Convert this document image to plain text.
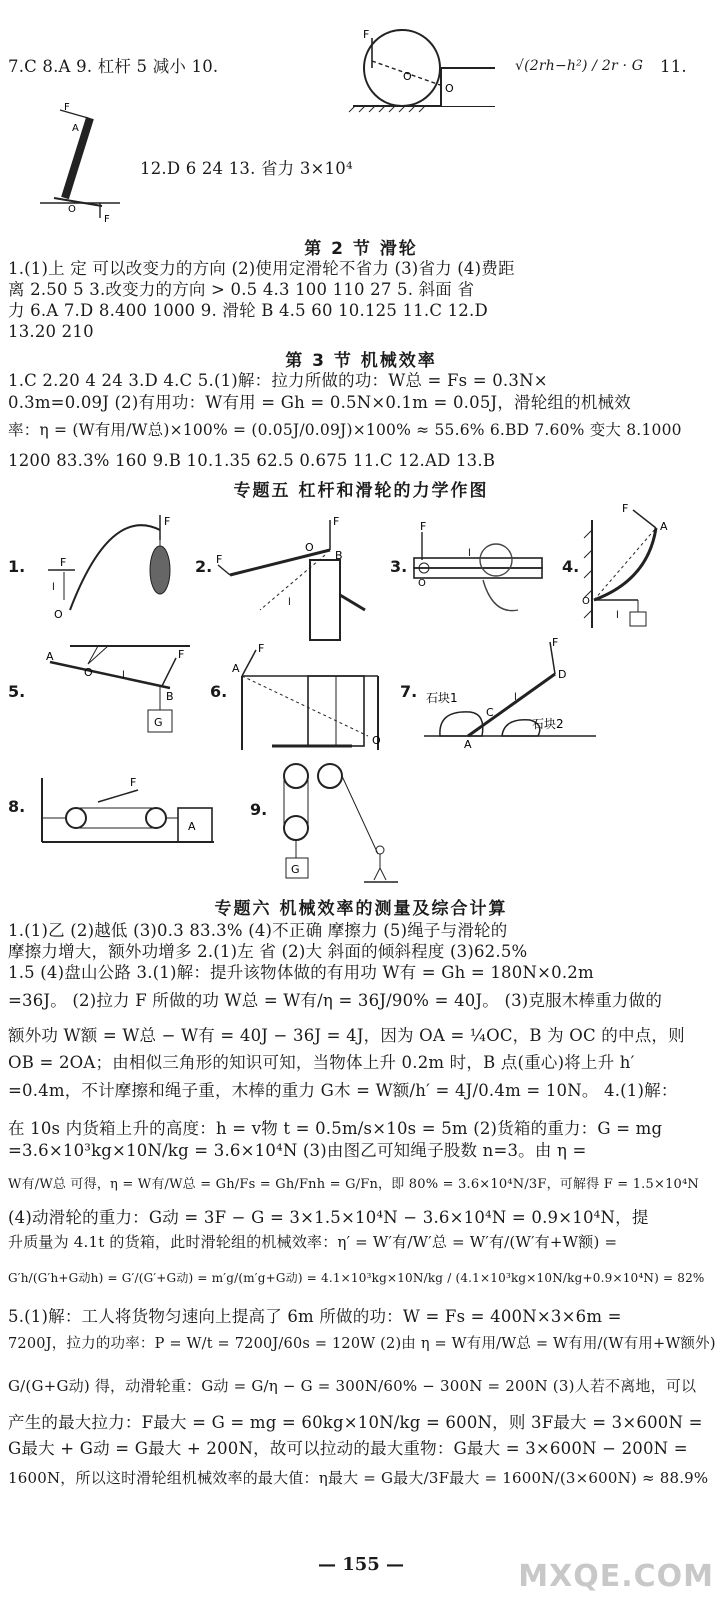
7.C 8.A 9. 杠杆 5 减小 10.	√(2rh−h²) / 2r · G 11.
F
O
O
F
A
O
F
12.D 6 24 13. 省力 3×10⁴
第 2 节 滑轮
1.(1)上 定 可以改变力的方向 (2)使用定滑轮不省力 (3)省力 (4)费距
离 2.50 5 3.改变力的方向 > 0.5 4.3 100 110 27 5. 斜面 省
力 6.A 7.D 8.400 1000 9. 滑轮 B 4.5 60 10.125 11.C 12.D
13.20 210
第 3 节 机械效率
1.C 2.20 4 24 3.D 4.C 5.(1)解：拉力所做的功：W总 = Fs = 0.3N×
0.3m=0.09J (2)有用功：W有用 = Gh = 0.5N×0.1m = 0.05J，滑轮组的机械效
率：η = (W有用/W总)×100% = (0.05J/0.09J)×100% ≈ 55.6% 6.BD 7.60% 变大 8.1000
1200 83.3% 160 9.B 10.1.35 62.5 0.675 11.C 12.AD 13.B
专题五 杠杆和滑轮的力学作图
1.	F
F
l
O
2. F
O
F
B
l
3.
F
l
O
4.
F
A
l
O
5.
A
O	l
B
F
G
6.
A
F
O
7. 石块1
石块2
F
D
C
A
l
8.
F
A
9.
G
专题六 机械效率的测量及综合计算
1.(1)乙 (2)越低 (3)0.3 83.3% (4)不正确 摩擦力 (5)绳子与滑轮的
摩擦力增大，额外功增多 2.(1)左 省 (2)大 斜面的倾斜程度 (3)62.5%
1.5 (4)盘山公路 3.(1)解：提升该物体做的有用功 W有 = Gh = 180N×0.2m
=36J。 (2)拉力 F 所做的功 W总 = W有/η = 36J/90% = 40J。 (3)克服木棒重力做的
额外功 W额 = W总 − W有 = 40J − 36J = 4J，因为 OA = ¼OC，B 为 OC 的中点，则
OB = 2OA；由相似三角形的知识可知，当物体上升 0.2m 时，B 点(重心)将上升 h′
=0.4m，不计摩擦和绳子重，木棒的重力 G木 = W额/h′ = 4J/0.4m = 10N。 4.(1)解：
在 10s 内货箱上升的高度：h = v物 t = 0.5m/s×10s = 5m (2)货箱的重力：G = mg
=3.6×10³kg×10N/kg = 3.6×10⁴N (3)由图乙可知绳子股数 n=3。由 η =
W有/W总 可得，η = W有/W总 = Gh/Fs = Gh/Fnh = G/Fn，即 80% = 3.6×10⁴N/3F，可解得 F = 1.5×10⁴N
(4)动滑轮的重力：G动 = 3F − G = 3×1.5×10⁴N − 3.6×10⁴N = 0.9×10⁴N，提
升质量为 4.1t 的货箱，此时滑轮组的机械效率：η′ = W′有/W′总 = W′有/(W′有+W额) =
G′h/(G′h+G动h) = G′/(G′+G动) = m′g/(m′g+G动) = 4.1×10³kg×10N/kg / (4.1×10³kg×10N/kg+0.9×10⁴N) = 82%
5.(1)解：工人将货物匀速向上提高了 6m 所做的功：W = Fs = 400N×3×6m =
7200J，拉力的功率：P = W/t = 7200J/60s = 120W (2)由 η = W有用/W总 = W有用/(W有用+W额外)
G/(G+G动) 得，动滑轮重：G动 = G/η − G = 300N/60% − 300N = 200N (3)人若不离地，可以
产生的最大拉力：F最大 = G = mg = 60kg×10N/kg = 600N，则 3F最大 = 3×600N =
G最大 + G动 = G最大 + 200N，故可以拉动的最大重物：G最大 = 3×600N − 200N =
1600N，所以这时滑轮组机械效率的最大值：η最大 = G最大/3F最大 = 1600N/(3×600N) ≈ 88.9%
— 155 —	MXQE.COM
